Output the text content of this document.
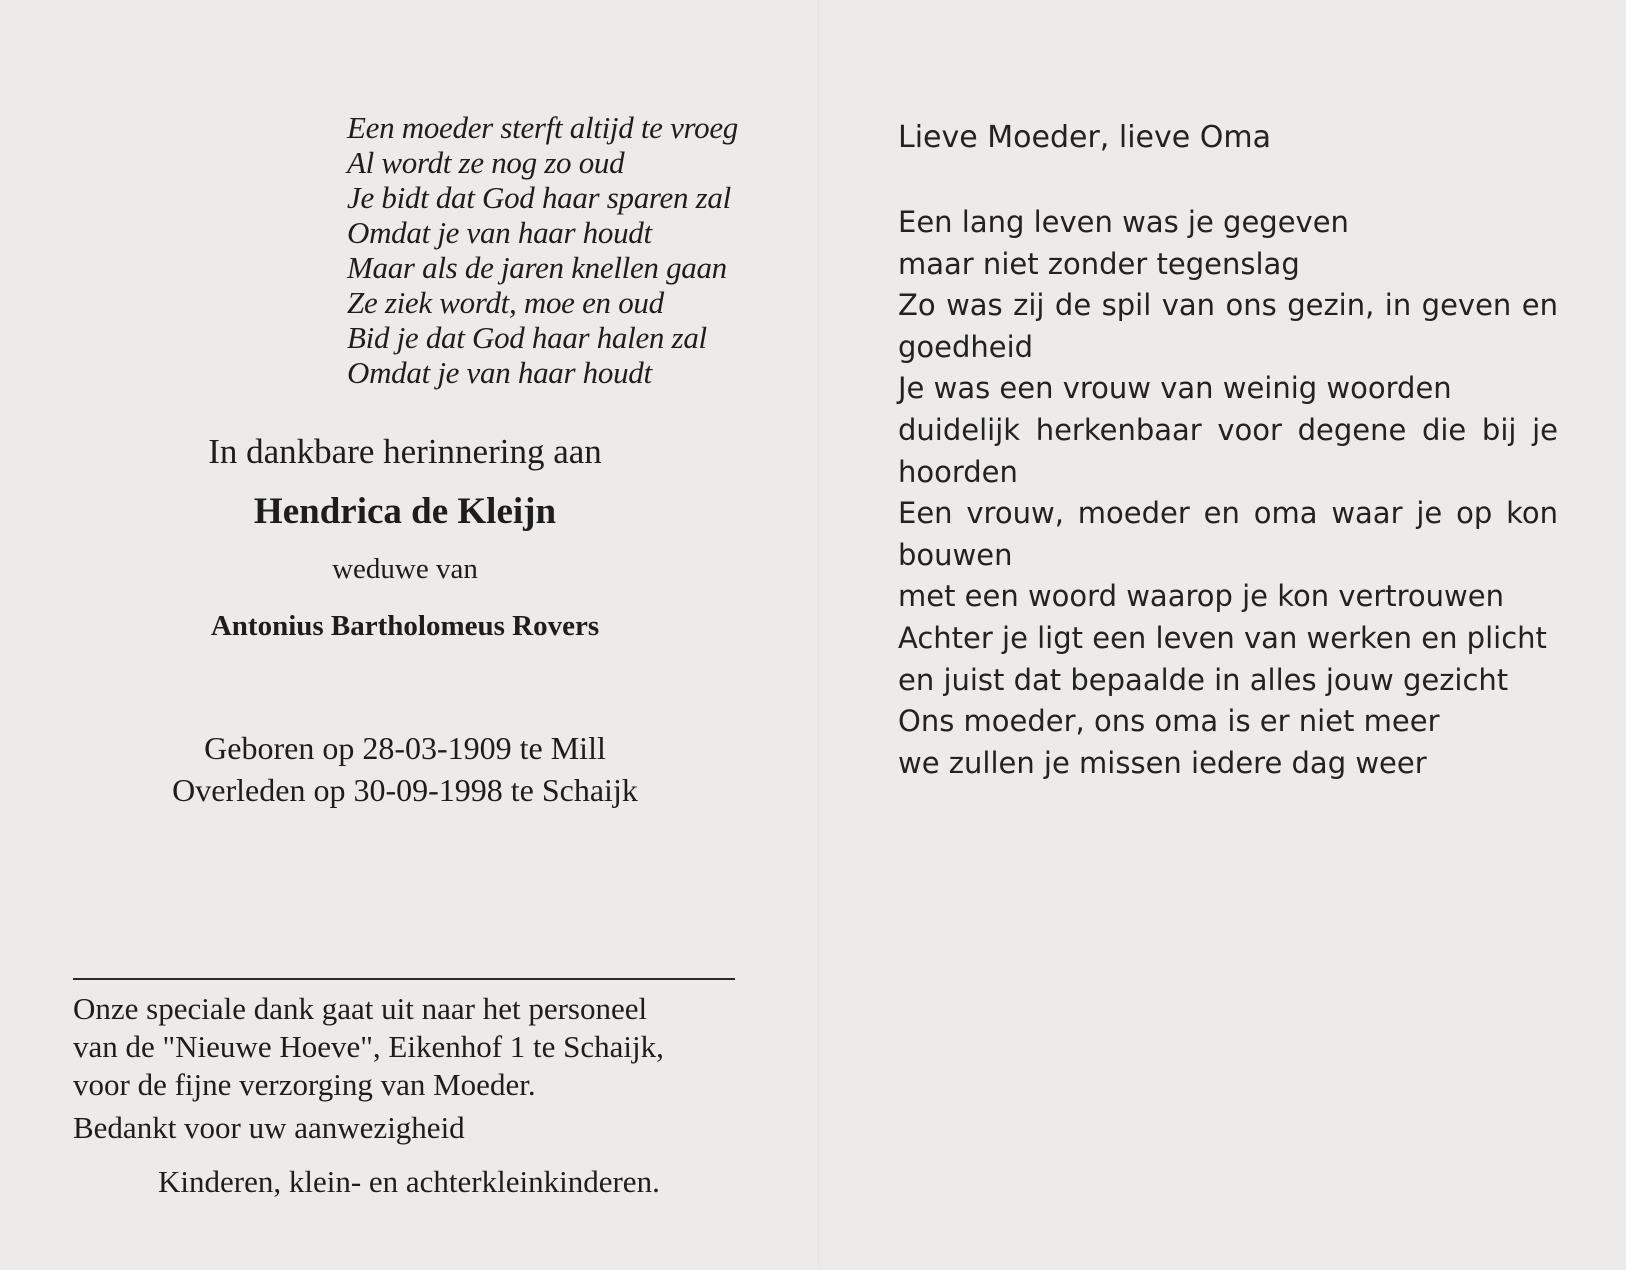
Een moeder sterft altijd te vroeg
Al wordt ze nog zo oud
Je bidt dat God haar sparen zal
Omdat je van haar houdt
Maar als de jaren knellen gaan
Ze ziek wordt, moe en oud
Bid je dat God haar halen zal
Omdat je van haar houdt
In dankbare herinnering aan
Hendrica de Kleijn
weduwe van
Antonius Bartholomeus Rovers
Geboren op 28-03-1909 te Mill
Overleden op 30-09-1998 te Schaijk
Onze speciale dank gaat uit naar het personeel
van de "Nieuwe Hoeve", Eikenhof 1 te Schaijk,
voor de fijne verzorging van Moeder.
Bedankt voor uw aanwezigheid
Kinderen, klein- en achterkleinkinderen.
Lieve Moeder, lieve Oma
Een lang leven was je gegeven
maar niet zonder tegenslag
Zo was zij de spil van ons gezin, in geven en
goedheid
Je was een vrouw van weinig woorden
duidelijk herkenbaar voor degene die bij je
hoorden
Een vrouw, moeder en oma waar je op kon
bouwen
met een woord waarop je kon vertrouwen
Achter je ligt een leven van werken en plicht
en juist dat bepaalde in alles jouw gezicht
Ons moeder, ons oma is er niet meer
we zullen je missen iedere dag weer
